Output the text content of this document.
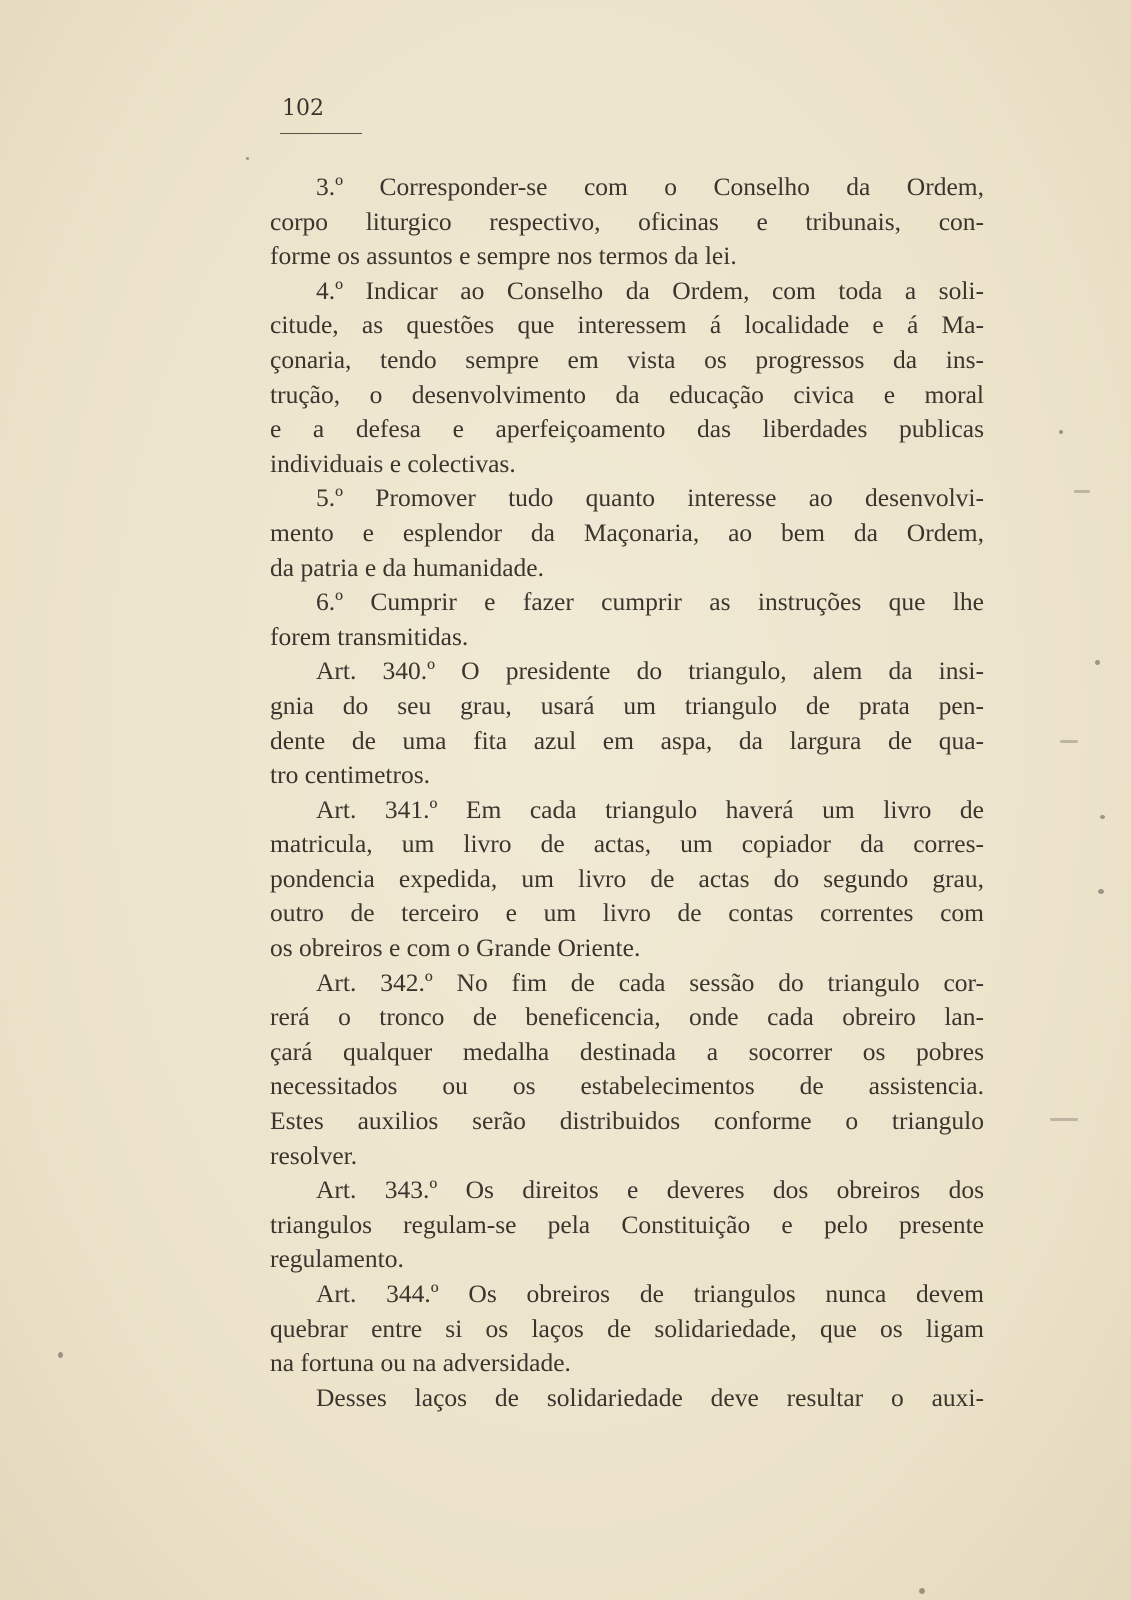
102
3.º Corresponder-se com o Conselho da Ordem,
corpo liturgico respectivo, oficinas e tribunais, con-
forme os assuntos e sempre nos termos da lei.
4.º Indicar ao Conselho da Ordem, com toda a soli-
citude, as questões que interessem á localidade e á Ma-
çonaria, tendo sempre em vista os progressos da ins-
trução, o desenvolvimento da educação civica e moral
e a defesa e aperfeiçoamento das liberdades publicas
individuais e colectivas.
5.º Promover tudo quanto interesse ao desenvolvi-
mento e esplendor da Maçonaria, ao bem da Ordem,
da patria e da humanidade.
6.º Cumprir e fazer cumprir as instruções que lhe
forem transmitidas.
Art. 340.º O presidente do triangulo, alem da insi-
gnia do seu grau, usará um triangulo de prata pen-
dente de uma fita azul em aspa, da largura de qua-
tro centimetros.
Art. 341.º Em cada triangulo haverá um livro de
matricula, um livro de actas, um copiador da corres-
pondencia expedida, um livro de actas do segundo grau,
outro de terceiro e um livro de contas correntes com
os obreiros e com o Grande Oriente.
Art. 342.º No fim de cada sessão do triangulo cor-
rerá o tronco de beneficencia, onde cada obreiro lan-
çará qualquer medalha destinada a socorrer os pobres
necessitados ou os estabelecimentos de assistencia.
Estes auxilios serão distribuidos conforme o triangulo
resolver.
Art. 343.º Os direitos e deveres dos obreiros dos
triangulos regulam-se pela Constituição e pelo presente
regulamento.
Art. 344.º Os obreiros de triangulos nunca devem
quebrar entre si os laços de solidariedade, que os ligam
na fortuna ou na adversidade.
Desses laços de solidariedade deve resultar o auxi-
